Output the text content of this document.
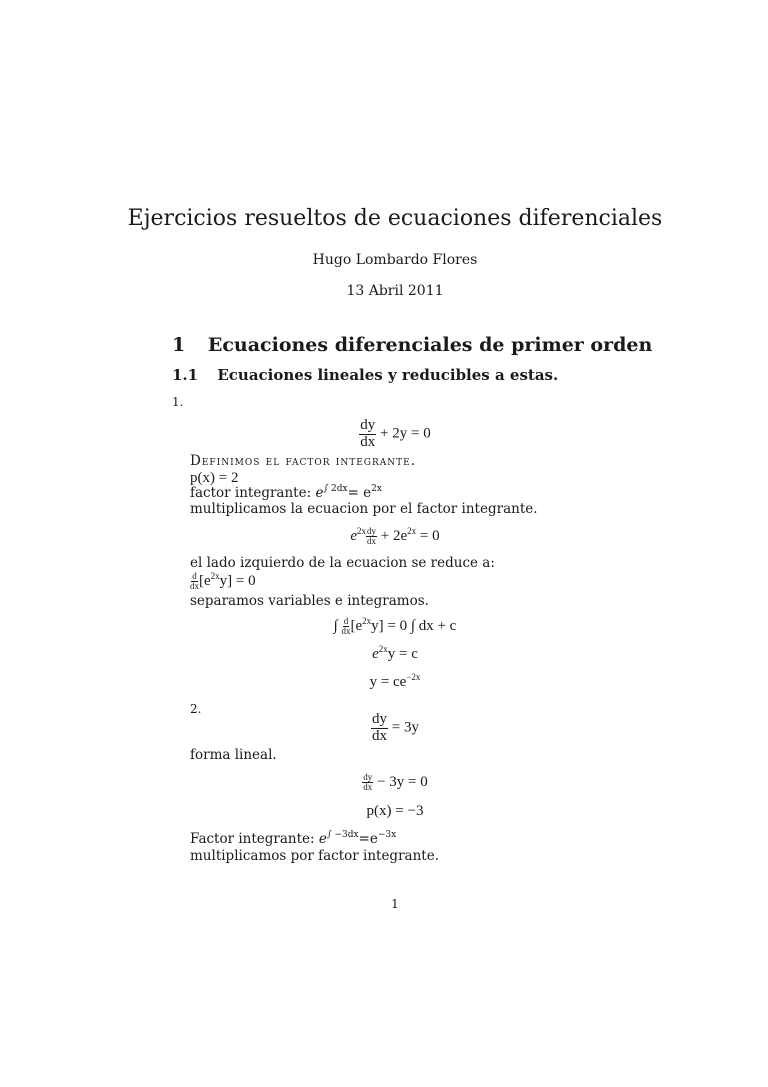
Ejercicios resueltos de ecuaciones diferenciales
Hugo Lombardo Flores
13 Abril 2011
1 Ecuaciones diferenciales de primer orden
1.1 Ecuaciones lineales y reducibles a estas.
1.
$\frac{dy}{dx} + 2y = 0$
Definimos el factor integrante.
p(x) = 2
factor integrante: $e^{\int 2dx}= e^{2x}$
multiplicamos la ecuacion por el factor integrante.
$e^{2x} \frac{dy}{dx} + 2e^{2x} = 0$
el lado izquierdo de la ecuacion se reduce a:
$\frac{d}{dx} [e^{2x}y] = 0$
separamos variables e integramos.
∫ $\frac{d}{dx} [e^{2x}y] = 0$ ∫ dx + c
$e^{2x}y = c$
$y = ce^{-2x}$
2.
$\frac{dy}{dx} = 3y$
forma lineal.
$\frac{dy}{dx} - 3y = 0$
p(x) = −3
Factor integrante: $e^{\int -3dx}=e^{-3x}$
multiplicamos por factor integrante.
1
